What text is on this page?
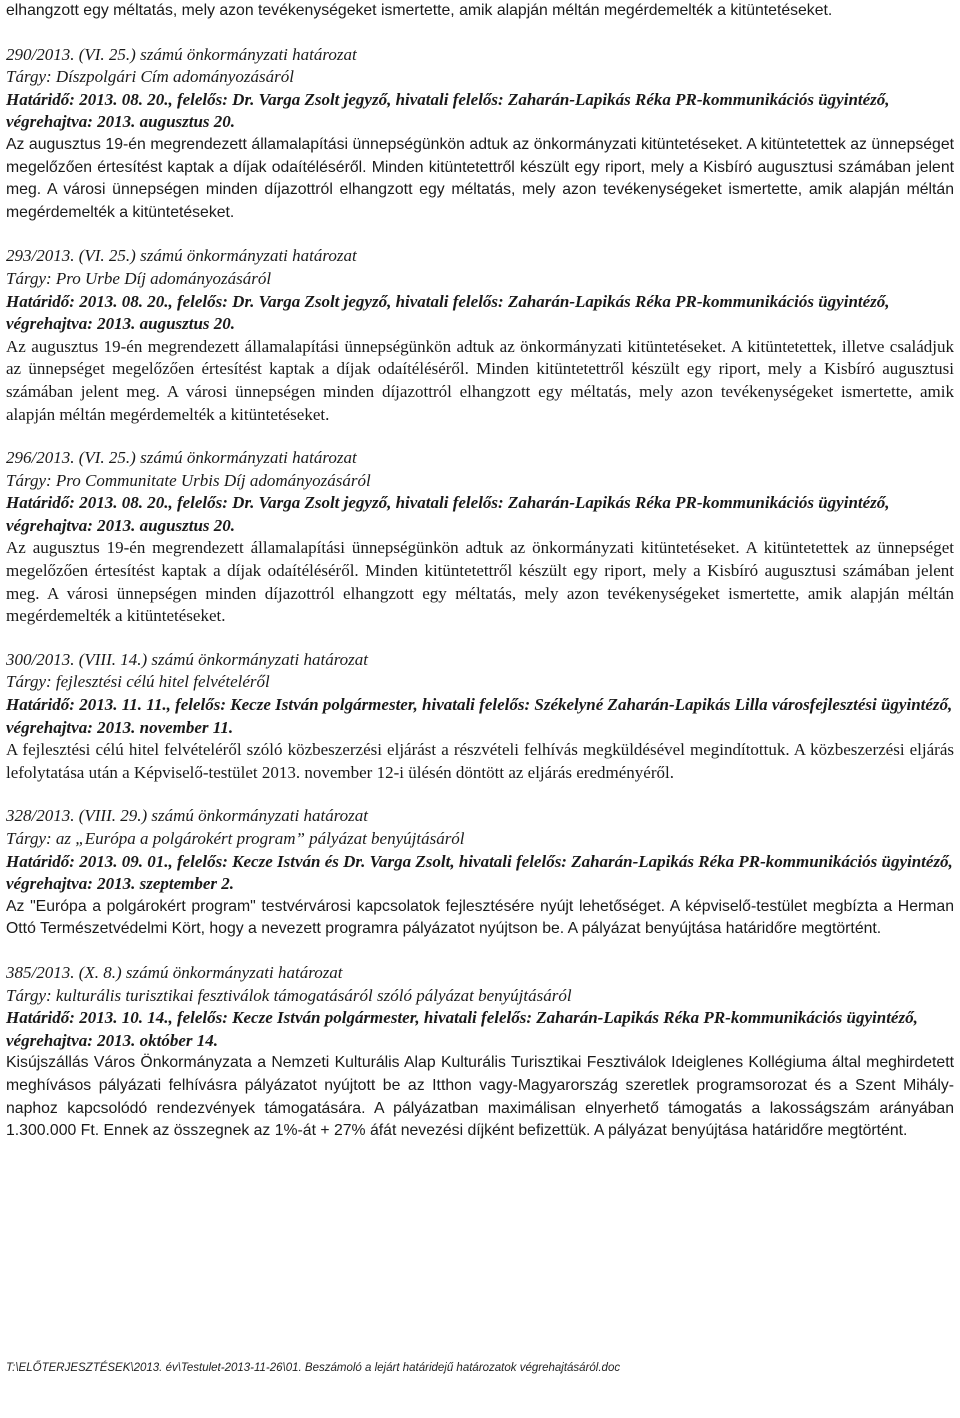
elhangzott egy méltatás, mely azon tevékenységeket ismertette, amik alapján méltán megérdemelték a kitüntetéseket.

290/2013. (VI. 25.) számú önkormányzati határozat

Tárgy: Díszpolgári Cím adományozásáról

Határidő: 2013. 08. 20., felelős: Dr. Varga Zsolt jegyző, hivatali felelős: Zaharán-Lapikás Réka PR-kommunikációs ügyintéző, végrehajtva: 2013. augusztus 20.

Az augusztus 19-én megrendezett államalapítási ünnepségünkön adtuk az önkormányzati kitüntetéseket. A kitüntetettek az ünnepséget megelőzően értesítést kaptak a díjak odaítéléséről. Minden kitüntetettről készült egy riport, mely a Kisbíró augusztusi számában jelent meg. A városi ünnepségen minden díjazottról elhangzott egy méltatás, mely azon tevékenységeket ismertette, amik alapján méltán megérdemelték a kitüntetéseket.

293/2013. (VI. 25.) számú önkormányzati határozat

Tárgy: Pro Urbe Díj adományozásáról

Határidő: 2013. 08. 20., felelős: Dr. Varga Zsolt jegyző, hivatali felelős: Zaharán-Lapikás Réka PR-kommunikációs ügyintéző, végrehajtva: 2013. augusztus 20.

Az augusztus 19-én megrendezett államalapítási ünnepségünkön adtuk az önkormányzati kitüntetéseket. A kitüntetettek, illetve családjuk az ünnepséget megelőzően értesítést kaptak a díjak odaítéléséről. Minden kitüntetettről készült egy riport, mely a Kisbíró augusztusi számában jelent meg. A városi ünnepségen minden díjazottról elhangzott egy méltatás, mely azon tevékenységeket ismertette, amik alapján méltán megérdemelték a kitüntetéseket.

296/2013. (VI. 25.) számú önkormányzati határozat

Tárgy: Pro Communitate Urbis Díj adományozásáról

Határidő: 2013. 08. 20., felelős: Dr. Varga Zsolt jegyző, hivatali felelős: Zaharán-Lapikás Réka PR-kommunikációs ügyintéző, végrehajtva: 2013. augusztus 20.

Az augusztus 19-én megrendezett államalapítási ünnepségünkön adtuk az önkormányzati kitüntetéseket. A kitüntetettek az ünnepséget megelőzően értesítést kaptak a díjak odaítéléséről. Minden kitüntetettről készült egy riport, mely a Kisbíró augusztusi számában jelent meg. A városi ünnepségen minden díjazottról elhangzott egy méltatás, mely azon tevékenységeket ismertette, amik alapján méltán megérdemelték a kitüntetéseket.

300/2013. (VIII. 14.) számú önkormányzati határozat

Tárgy: fejlesztési célú hitel felvételéről

Határidő: 2013. 11. 11., felelős: Kecze István polgármester, hivatali felelős: Székelyné Zaharán-Lapikás Lilla városfejlesztési ügyintéző, végrehajtva: 2013. november 11.

A fejlesztési célú hitel felvételéről szóló közbeszerzési eljárást a részvételi felhívás megküldésével megindítottuk. A közbeszerzési eljárás lefolytatása után a Képviselő-testület 2013. november 12-i ülésén döntött az eljárás eredményéről.

328/2013. (VIII. 29.) számú önkormányzati határozat

Tárgy: az „Európa a polgárokért program” pályázat benyújtásáról

Határidő: 2013. 09. 01., felelős: Kecze István és Dr. Varga Zsolt, hivatali felelős: Zaharán-Lapikás Réka PR-kommunikációs ügyintéző, végrehajtva: 2013. szeptember 2.

Az "Európa a polgárokért program" testvérvárosi kapcsolatok fejlesztésére nyújt lehetőséget. A képviselő-testület megbízta a Herman Ottó Természetvédelmi Kört, hogy a nevezett programra pályázatot nyújtson be. A pályázat benyújtása határidőre megtörtént.

385/2013. (X. 8.) számú önkormányzati határozat

Tárgy: kulturális turisztikai fesztiválok támogatásáról szóló pályázat benyújtásáról

Határidő: 2013. 10. 14., felelős: Kecze István polgármester, hivatali felelős: Zaharán-Lapikás Réka PR-kommunikációs ügyintéző, végrehajtva: 2013. október 14.

Kisújszállás Város Önkormányzata a Nemzeti Kulturális Alap Kulturális Turisztikai Fesztiválok Ideiglenes Kollégiuma által meghirdetett meghívásos pályázati felhívásra pályázatot nyújtott be az Itthon vagy-Magyarország szeretlek programsorozat és a Szent Mihály-naphoz kapcsolódó rendezvények támogatására. A pályázatban maximálisan elnyerhető támogatás a lakosságszám arányában 1.300.000 Ft. Ennek az összegnek az 1%-át + 27% áfát nevezési díjként befizettük. A pályázat benyújtása határidőre megtörtént.

T:\ELŐTERJESZTÉSEK\2013. év\Testulet-2013-11-26\01. Beszámoló a lejárt határidejű határozatok végrehajtásáról.doc
